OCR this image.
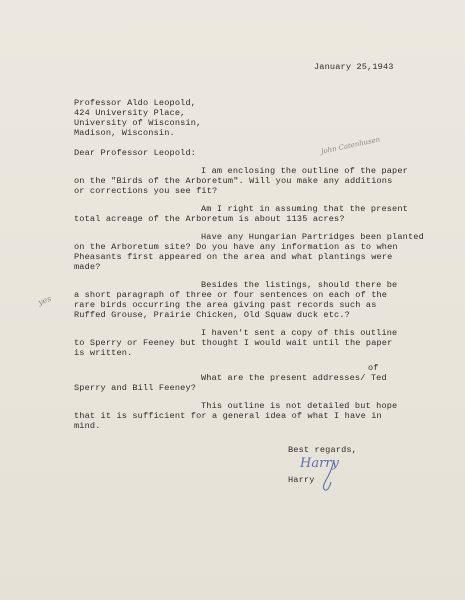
January 25,1943
Professor Aldo Leopold,
424 University Place,
University of Wisconsin,
Madison, Wisconsin.
Dear Professor Leopold:	John Catenhusen
I am enclosing the outline of the paper
on the "Birds of the Arboretum". Will you make any additions
or corrections you see fit?
Am I right in assuming that the present
total acreage of the Arboretum is about 1135 acres?
Have any Hungarian Partridges been planted
on the Arboretum site? Do you have any information as to when
Pheasants first appeared on the area and what plantings were
made?
Besides the listings, should there be
a short paragraph of three or four sentences on each of the
rare birds occurring the area giving past records such as
Ruffed Grouse, Prairie Chicken, Old Squaw duck etc.?
yes
I haven't sent a copy of this outline
to Sperry or Feeney but thought I would wait until the paper
is written.
of
What are the present addresses/ Ted
Sperry and Bill Feeney?
This outline is not detailed but hope
that it is sufficient for a general idea of what I have in
mind.
Best regards,
Harry
Harry
